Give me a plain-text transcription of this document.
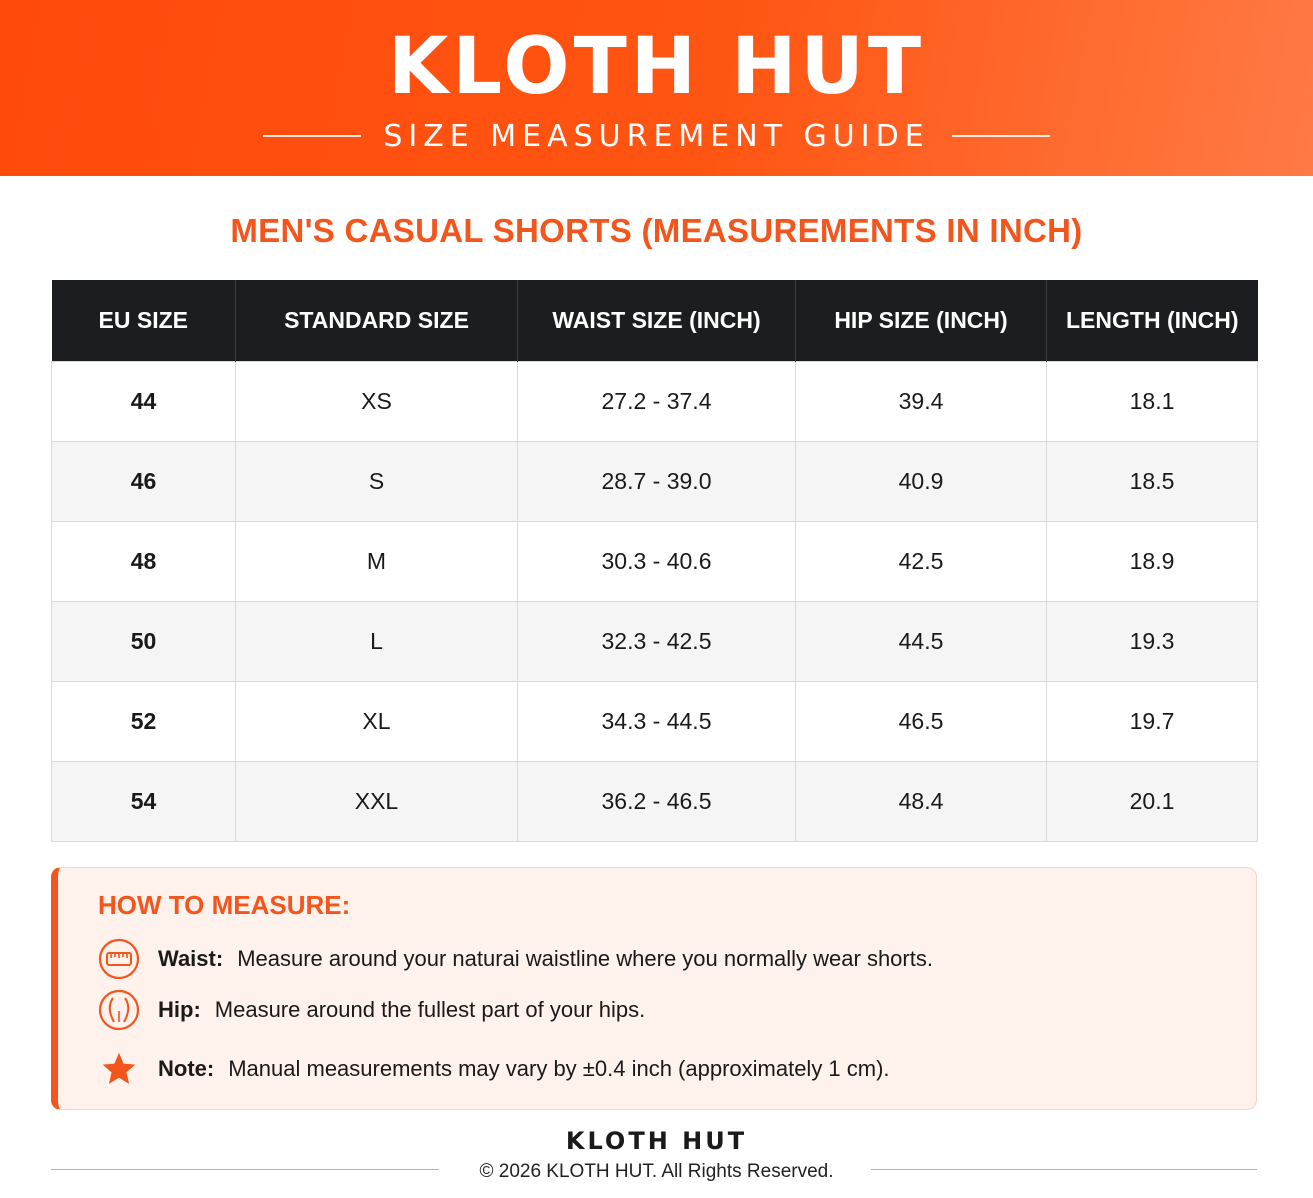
KLOTH HUT
SIZE MEASUREMENT GUIDE
MEN'S CASUAL SHORTS (MEASUREMENTS IN INCH)
EU SIZE	STANDARD SIZE	WAIST SIZE (INCH)	HIP SIZE (INCH)	LENGTH (INCH)
44	XS	27.2 - 37.4	39.4	18.1
46	S	28.7 - 39.0	40.9	18.5
48	M	30.3 - 40.6	42.5	18.9
50	L	32.3 - 42.5	44.5	19.3
52	XL	34.3 - 44.5	46.5	19.7
54	XXL	36.2 - 46.5	48.4	20.1
HOW TO MEASURE:
Waist: Measure around your naturai waistline where you normally wear shorts.
Hip: Measure around the fullest part of your hips.
Note: Manual measurements may vary by ±0.4 inch (approximately 1 cm).
KLOTH HUT
© 2026 KLOTH HUT. All Rights Reserved.
